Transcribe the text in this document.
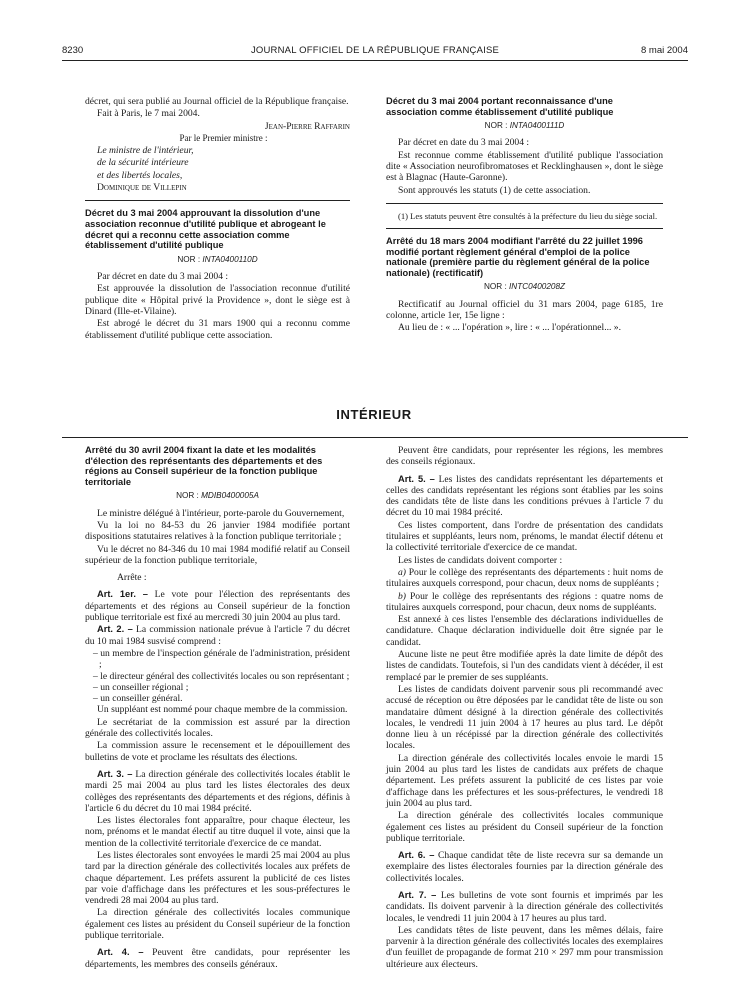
8230	JOURNAL OFFICIEL DE LA RÉPUBLIQUE FRANÇAISE	8 mai 2004

décret, qui sera publié au Journal officiel de la République française.

Fait à Paris, le 7 mai 2004.

Jean-Pierre Raffarin

Par le Premier ministre :

Le ministre de l'intérieur,

de la sécurité intérieure

et des libertés locales,

Dominique de Villepin

Décret du 3 mai 2004 approuvant la dissolution d'une association reconnue d'utilité publique et abrogeant le décret qui a reconnu cette association comme établissement d'utilité publique
NOR : INTA0400110D

Par décret en date du 3 mai 2004 :

Est approuvée la dissolution de l'association reconnue d'utilité publique dite « Hôpital privé la Providence », dont le siège est à Dinard (Ille-et-Vilaine).

Est abrogé le décret du 31 mars 1900 qui a reconnu comme établissement d'utilité publique cette association.

Décret du 3 mai 2004 portant reconnaissance d'une association comme établissement d'utilité publique
NOR : INTA0400111D

Par décret en date du 3 mai 2004 :

Est reconnue comme établissement d'utilité publique l'association dite « Association neurofibromatoses et Recklinghausen », dont le siège est à Blagnac (Haute-Garonne).

Sont approuvés les statuts (1) de cette association.

(1) Les statuts peuvent être consultés à la préfecture du lieu du siège social.

Arrêté du 18 mars 2004 modifiant l'arrêté du 22 juillet 1996 modifié portant règlement général d'emploi de la police nationale (première partie du règlement général de la police nationale) (rectificatif)
NOR : INTC0400208Z

Rectificatif au Journal officiel du 31 mars 2004, page 6185, 1re colonne, article 1er, 15e ligne :

Au lieu de : « ... l'opération », lire : « ... l'opérationnel... ».

INTÉRIEUR
Arrêté du 30 avril 2004 fixant la date et les modalités d'élection des représentants des départements et des régions au Conseil supérieur de la fonction publique territoriale
NOR : MDIB0400005A

Le ministre délégué à l'intérieur, porte-parole du Gouvernement,

Vu la loi no 84-53 du 26 janvier 1984 modifiée portant dispositions statutaires relatives à la fonction publique territoriale ;

Vu le décret no 84-346 du 10 mai 1984 modifié relatif au Conseil supérieur de la fonction publique territoriale,

Arrête :

Art. 1er. – Le vote pour l'élection des représentants des départements et des régions au Conseil supérieur de la fonction publique territoriale est fixé au mercredi 30 juin 2004 au plus tard.

Art. 2. – La commission nationale prévue à l'article 7 du décret du 10 mai 1984 susvisé comprend :

– un membre de l'inspection générale de l'administration, président ;
– le directeur général des collectivités locales ou son représentant ;
– un conseiller régional ;
– un conseiller général.

Un suppléant est nommé pour chaque membre de la commission.

Le secrétariat de la commission est assuré par la direction générale des collectivités locales.

La commission assure le recensement et le dépouillement des bulletins de vote et proclame les résultats des élections.

Art. 3. – La direction générale des collectivités locales établit le mardi 25 mai 2004 au plus tard les listes électorales des deux collèges des représentants des départements et des régions, définis à l'article 6 du décret du 10 mai 1984 précité.

Les listes électorales font apparaître, pour chaque électeur, les nom, prénoms et le mandat électif au titre duquel il vote, ainsi que la mention de la collectivité territoriale d'exercice de ce mandat.

Les listes électorales sont envoyées le mardi 25 mai 2004 au plus tard par la direction générale des collectivités locales aux préfets de chaque département. Les préfets assurent la publicité de ces listes par voie d'affichage dans les préfectures et les sous-préfectures le vendredi 28 mai 2004 au plus tard.

La direction générale des collectivités locales communique également ces listes au président du Conseil supérieur de la fonction publique territoriale.

Art. 4. – Peuvent être candidats, pour représenter les départements, les membres des conseils généraux.

Peuvent être candidats, pour représenter les régions, les membres des conseils régionaux.

Art. 5. – Les listes des candidats représentant les départements et celles des candidats représentant les régions sont établies par les soins des candidats tête de liste dans les conditions prévues à l'article 7 du décret du 10 mai 1984 précité.

Ces listes comportent, dans l'ordre de présentation des candidats titulaires et suppléants, leurs nom, prénoms, le mandat électif détenu et la collectivité territoriale d'exercice de ce mandat.

Les listes de candidats doivent comporter :

a) Pour le collège des représentants des départements : huit noms de titulaires auxquels correspond, pour chacun, deux noms de suppléants ;

b) Pour le collège des représentants des régions : quatre noms de titulaires auxquels correspond, pour chacun, deux noms de suppléants.

Est annexé à ces listes l'ensemble des déclarations individuelles de candidature. Chaque déclaration individuelle doit être signée par le candidat.

Aucune liste ne peut être modifiée après la date limite de dépôt des listes de candidats. Toutefois, si l'un des candidats vient à décéder, il est remplacé par le premier de ses suppléants.

Les listes de candidats doivent parvenir sous pli recommandé avec accusé de réception ou être déposées par le candidat tête de liste ou son mandataire dûment désigné à la direction générale des collectivités locales, le vendredi 11 juin 2004 à 17 heures au plus tard. Le dépôt donne lieu à un récépissé par la direction générale des collectivités locales.

La direction générale des collectivités locales envoie le mardi 15 juin 2004 au plus tard les listes de candidats aux préfets de chaque département. Les préfets assurent la publicité de ces listes par voie d'affichage dans les préfectures et les sous-préfectures, le vendredi 18 juin 2004 au plus tard.

La direction générale des collectivités locales communique également ces listes au président du Conseil supérieur de la fonction publique territoriale.

Art. 6. – Chaque candidat tête de liste recevra sur sa demande un exemplaire des listes électorales fournies par la direction générale des collectivités locales.

Art. 7. – Les bulletins de vote sont fournis et imprimés par les candidats. Ils doivent parvenir à la direction générale des collectivités locales, le vendredi 11 juin 2004 à 17 heures au plus tard.

Les candidats têtes de liste peuvent, dans les mêmes délais, faire parvenir à la direction générale des collectivités locales des exemplaires d'un feuillet de propagande de format 210 × 297 mm pour transmission ultérieure aux électeurs.
